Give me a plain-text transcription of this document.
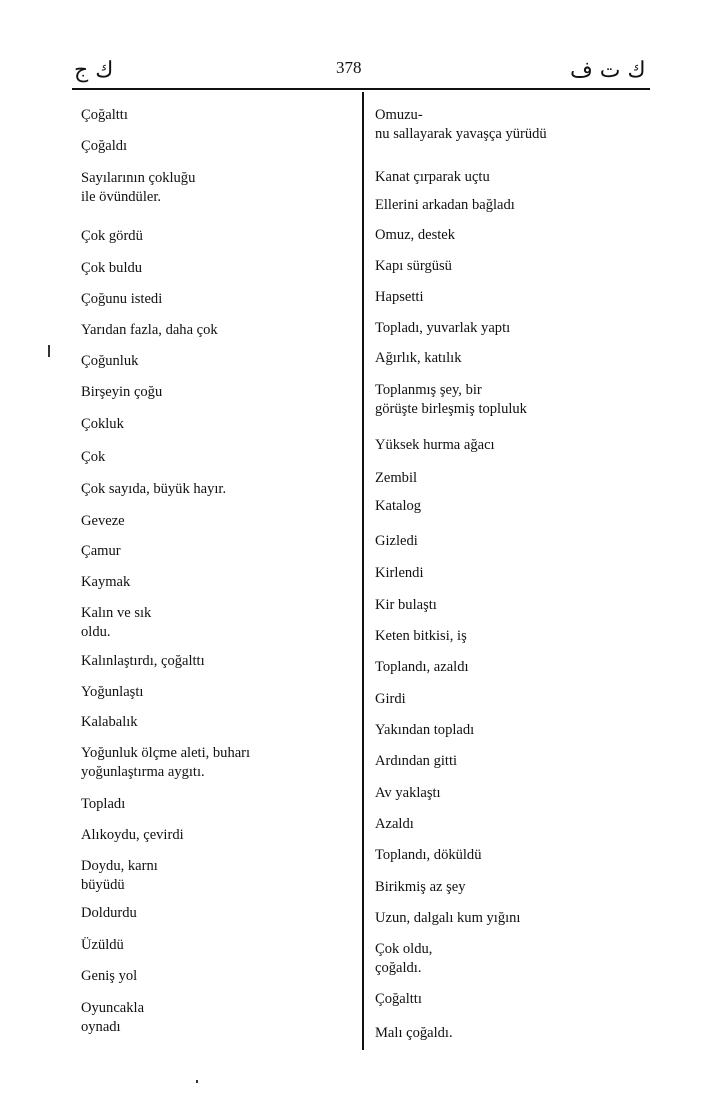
ك ج	378	ك ت ف
Çoğalttı
Çoğaldı
Sayılarının çokluğu
ile övündüler.
Çok gördü
Çok buldu
Çoğunu istedi
Yarıdan fazla, daha çok
Çoğunluk
Birşeyin çoğu
Çokluk
Çok
Çok sayıda, büyük hayır.
Geveze
Çamur
Kaymak
Kalın ve sık
oldu.
Kalınlaştırdı, çoğalttı
Yoğunlaştı
Kalabalık
Yoğunluk ölçme aleti, buharı
yoğunlaştırma aygıtı.
Topladı
Alıkoydu, çevirdi
Doydu, karnı
büyüdü
Doldurdu
Üzüldü
Geniş yol
Oyuncakla
oynadı
Omuzu-
nu sallayarak yavaşça yürüdü
Kanat çırparak uçtu
Ellerini arkadan bağladı
Omuz, destek
Kapı sürgüsü
Hapsetti
Topladı, yuvarlak yaptı
Ağırlık, katılık
Toplanmış şey, bir
görüşte birleşmiş topluluk
Yüksek hurma ağacı
Zembil
Katalog
Gizledi
Kirlendi
Kir bulaştı
Keten bitkisi, iş
Toplandı, azaldı
Girdi
Yakından topladı
Ardından gitti
Av yaklaştı
Azaldı
Toplandı, döküldü
Birikmiş az şey
Uzun, dalgalı kum yığını
Çok oldu,
çoğaldı.
Çoğalttı
Malı çoğaldı.
